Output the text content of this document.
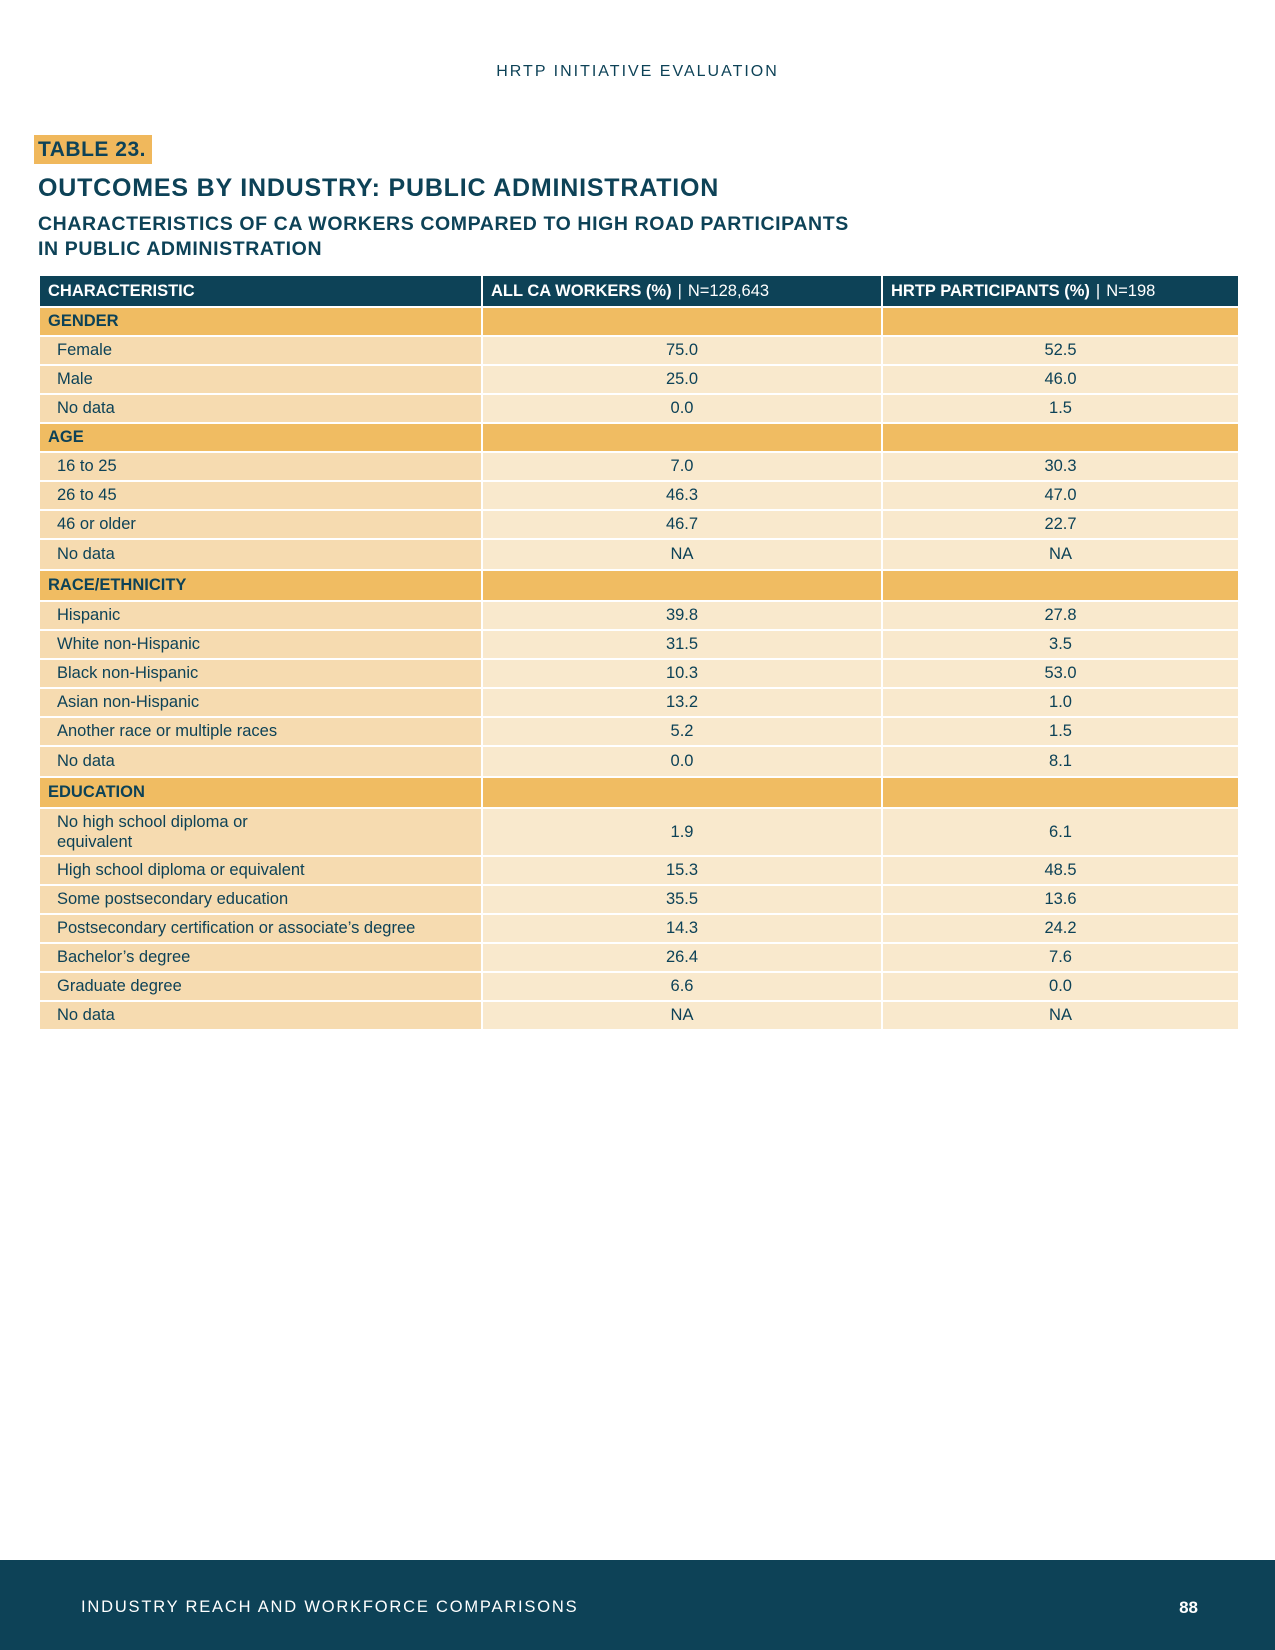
HRTP INITIATIVE EVALUATION
TABLE 23.
OUTCOMES BY INDUSTRY: PUBLIC ADMINISTRATION
CHARACTERISTICS OF CA WORKERS COMPARED TO HIGH ROAD PARTICIPANTS
IN PUBLIC ADMINISTRATION
CHARACTERISTIC	ALL CA WORKERS (%) | N=128,643	HRTP PARTICIPANTS (%) | N=198
GENDER		
Female	75.0	52.5
Male	25.0	46.0
No data	0.0	1.5
AGE		
16 to 25	7.0	30.3
26 to 45	46.3	47.0
46 or older	46.7	22.7
No data	NA	NA
RACE/ETHNICITY		
Hispanic	39.8	27.8
White non-Hispanic	31.5	3.5
Black non-Hispanic	10.3	53.0
Asian non-Hispanic	13.2	1.0
Another race or multiple races	5.2	1.5
No data	0.0	8.1
EDUCATION		
No high school diploma or equivalent	1.9	6.1
High school diploma or equivalent	15.3	48.5
Some postsecondary education	35.5	13.6
Postsecondary certification or associate’s degree	14.3	24.2
Bachelor’s degree	26.4	7.6
Graduate degree	6.6	0.0
No data	NA	NA
INDUSTRY REACH AND WORKFORCE COMPARISONS	88
